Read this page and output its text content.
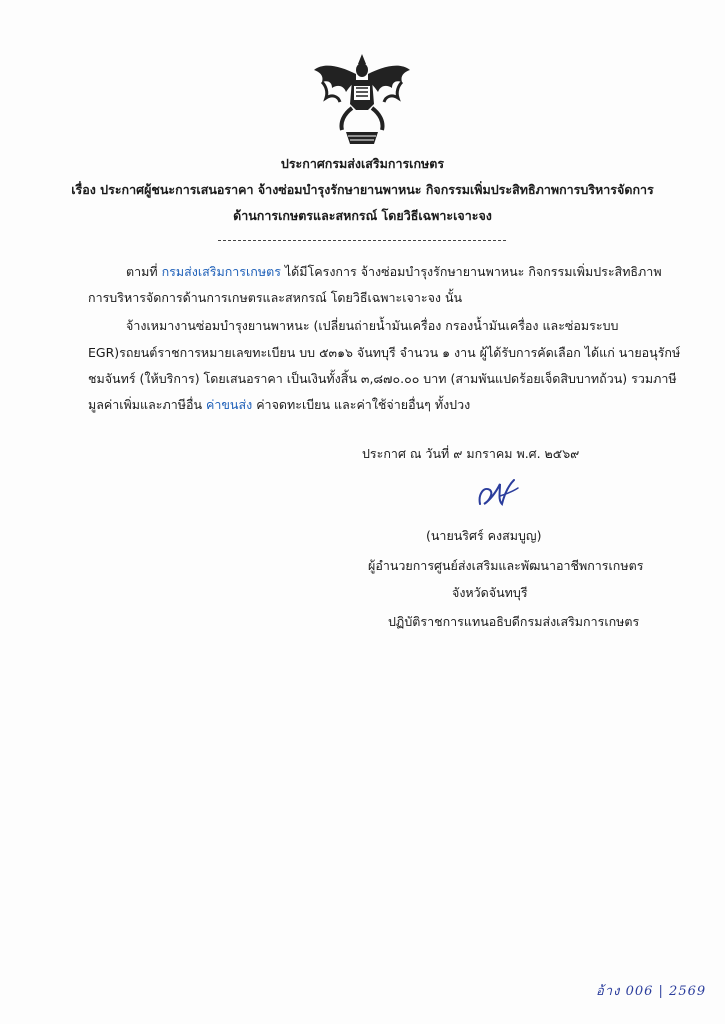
ประกาศกรมส่งเสริมการเกษตร
เรื่อง ประกาศผู้ชนะการเสนอราคา จ้างซ่อมบำรุงรักษายานพาหนะ กิจกรรมเพิ่มประสิทธิภาพการบริหารจัดการ
ด้านการเกษตรและสหกรณ์ โดยวิธีเฉพาะเจาะจง
ตามที่ กรมส่งเสริมการเกษตร ได้มีโครงการ จ้างซ่อมบำรุงรักษายานพาหนะ กิจกรรมเพิ่มประสิทธิภาพ
การบริหารจัดการด้านการเกษตรและสหกรณ์ โดยวิธีเฉพาะเจาะจง นั้น
จ้างเหมางานซ่อมบำรุงยานพาหนะ (เปลี่ยนถ่ายน้ำมันเครื่อง กรองน้ำมันเครื่อง และซ่อมระบบ
EGR)รถยนต์ราชการหมายเลขทะเบียน บบ ๕๓๑๖ จันทบุรี จำนวน ๑ งาน ผู้ได้รับการคัดเลือก ได้แก่ นายอนุรักษ์
ชมจันทร์ (ให้บริการ) โดยเสนอราคา เป็นเงินทั้งสิ้น ๓,๘๗๐.๐๐ บาท (สามพันแปดร้อยเจ็ดสิบบาทถ้วน) รวมภาษี
มูลค่าเพิ่มและภาษีอื่น ค่าขนส่ง ค่าจดทะเบียน และค่าใช้จ่ายอื่นๆ ทั้งปวง
ประกาศ ณ วันที่ ๙ มกราคม พ.ศ. ๒๕๖๙
(นายนริศร์ คงสมบูญ)
ผู้อำนวยการศูนย์ส่งเสริมและพัฒนาอาชีพการเกษตร
จังหวัดจันทบุรี
ปฏิบัติราชการแทนอธิบดีกรมส่งเสริมการเกษตร
อ้าง 006 | 2569
